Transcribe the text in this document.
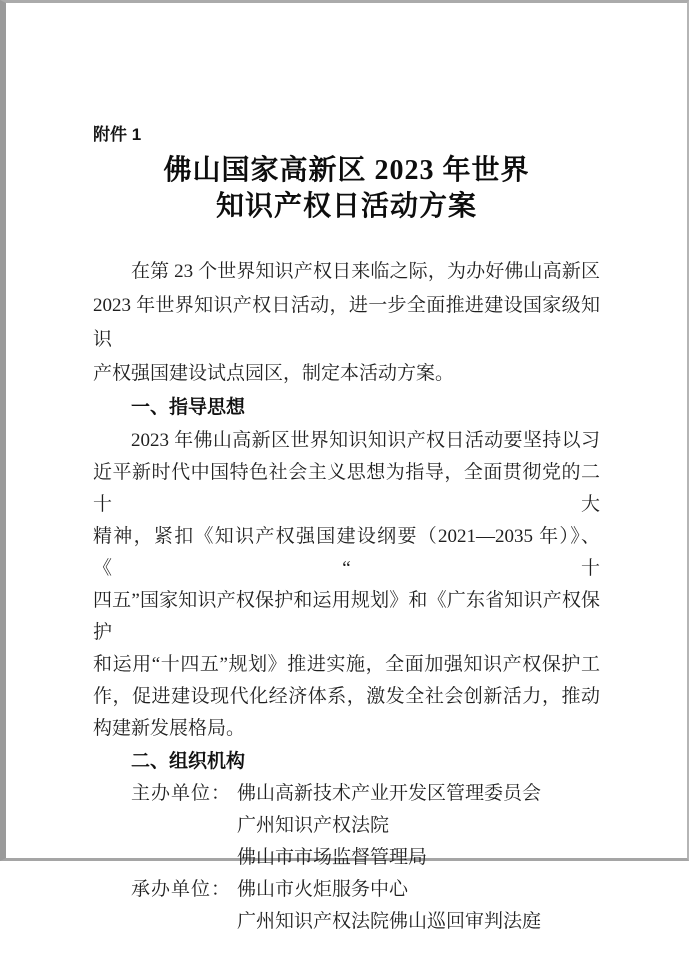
附件 1
佛山国家高新区 2023 年世界
知识产权日活动方案
在第 23 个世界知识产权日来临之际，为办好佛山高新区
2023 年世界知识产权日活动，进一步全面推进建设国家级知识
产权强国建设试点园区，制定本活动方案。
一、指导思想
2023 年佛山高新区世界知识知识产权日活动要坚持以习
近平新时代中国特色社会主义思想为指导，全面贯彻党的二十大
精神，紧扣《知识产权强国建设纲要（2021—2035 年）》、《“十
四五”国家知识产权保护和运用规划》和《广东省知识产权保护
和运用“十四五”规划》推进实施，全面加强知识产权保护工
作，促进建设现代化经济体系，激发全社会创新活力，推动
构建新发展格局。
二、组织机构
主办单位： 佛山高新技术产业开发区管理委员会
广州知识产权法院
佛山市市场监督管理局
承办单位： 佛山市火炬服务中心
广州知识产权法院佛山巡回审判法庭
